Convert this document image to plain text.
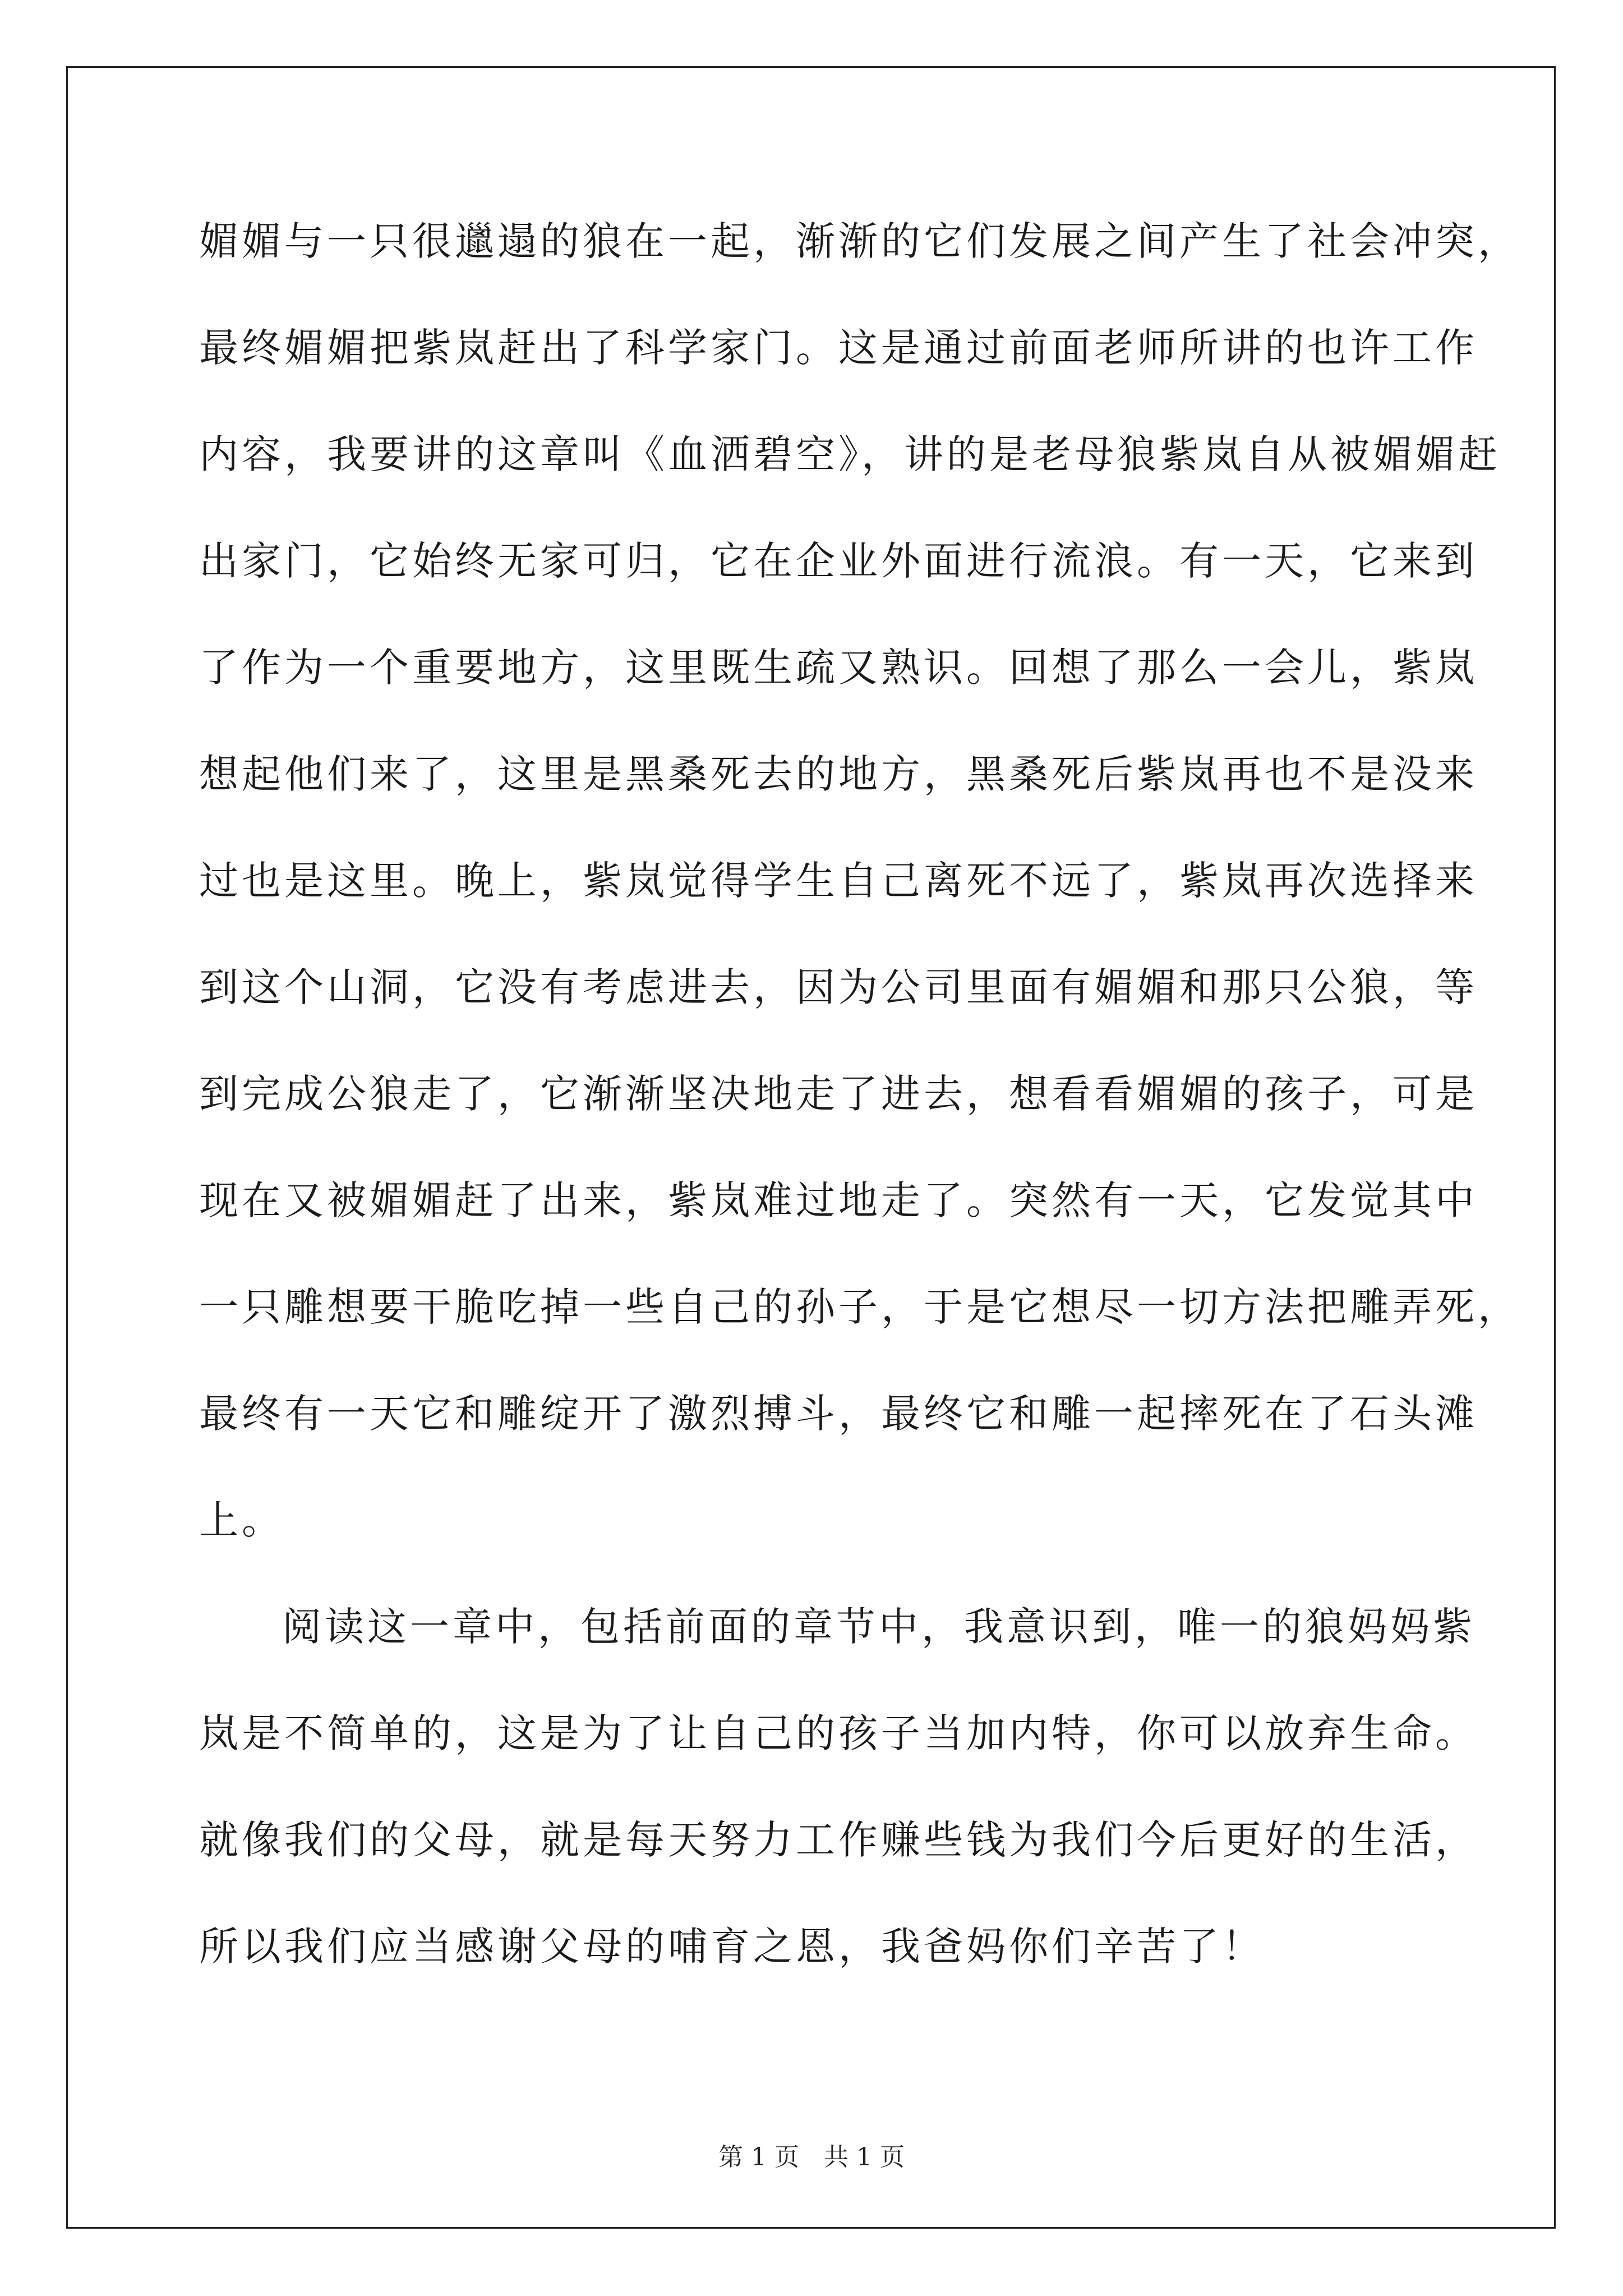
媚媚与一只很邋遢的狼在一起，渐渐的它们发展之间产生了社会冲突，
最终媚媚把紫岚赶出了科学家门。这是通过前面老师所讲的也许工作
内容，我要讲的这章叫《血洒碧空》，讲的是老母狼紫岚自从被媚媚赶
出家门，它始终无家可归，它在企业外面进行流浪。有一天，它来到
了作为一个重要地方，这里既生疏又熟识。回想了那么一会儿，紫岚
想起他们来了，这里是黑桑死去的地方，黑桑死后紫岚再也不是没来
过也是这里。晚上，紫岚觉得学生自己离死不远了，紫岚再次选择来
到这个山洞，它没有考虑进去，因为公司里面有媚媚和那只公狼，等
到完成公狼走了，它渐渐坚决地走了进去，想看看媚媚的孩子，可是
现在又被媚媚赶了出来，紫岚难过地走了。突然有一天，它发觉其中
一只雕想要干脆吃掉一些自己的孙子，于是它想尽一切方法把雕弄死，
最终有一天它和雕绽开了激烈搏斗，最终它和雕一起摔死在了石头滩
上。
阅读这一章中，包括前面的章节中，我意识到，唯一的狼妈妈紫
岚是不简单的，这是为了让自己的孩子当加内特，你可以放弃生命。
就像我们的父母，就是每天努力工作赚些钱为我们今后更好的生活，
所以我们应当感谢父母的哺育之恩，我爸妈你们辛苦了！
第 1 页　共 1 页
